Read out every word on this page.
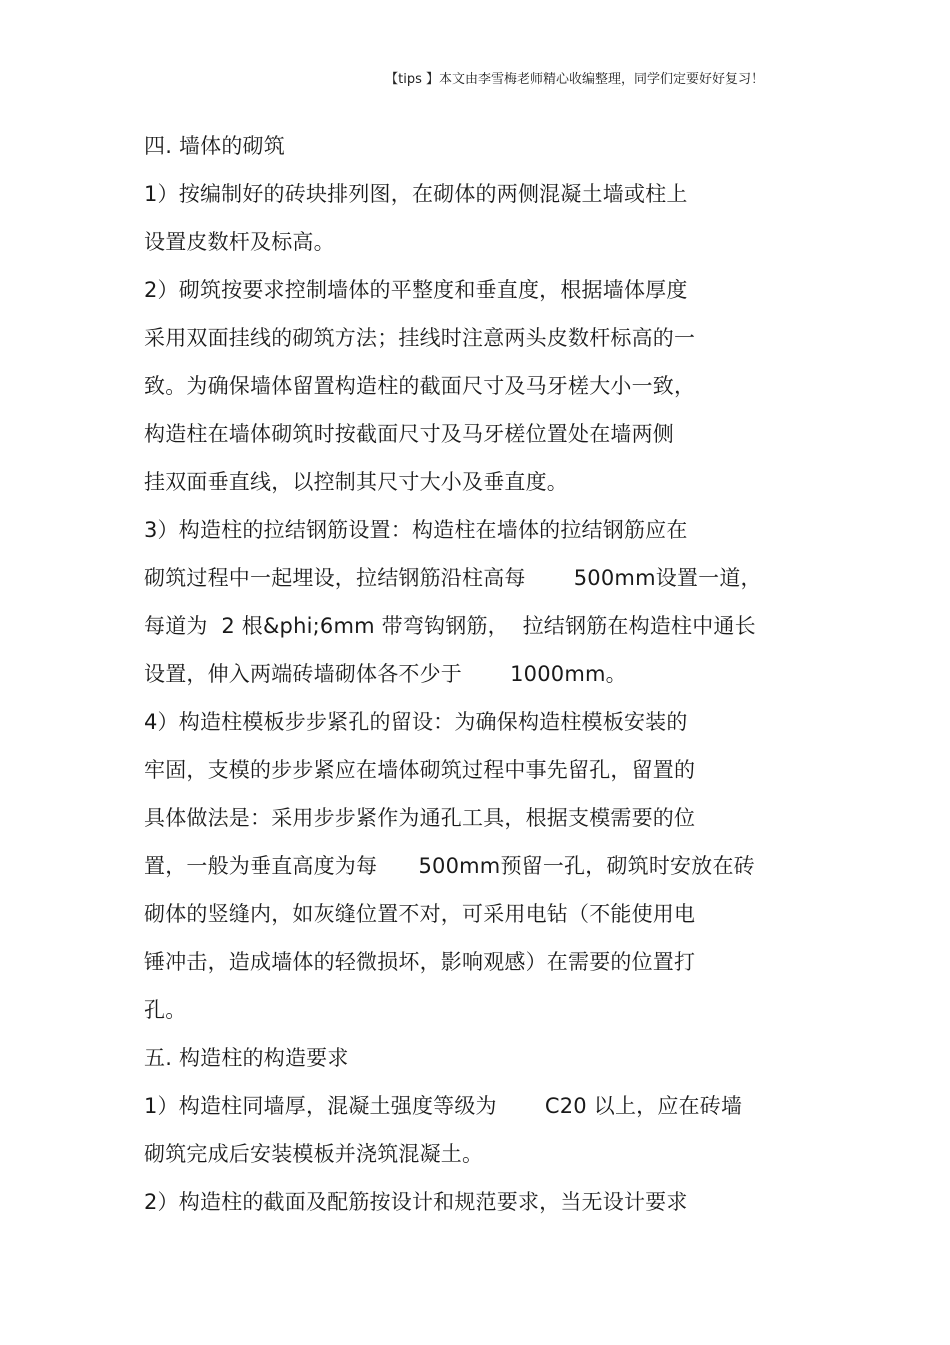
【tips 】本文由李雪梅老师精心收编整理，同学们定要好好复习！
四. 墙体的砌筑
1）按编制好的砖块排列图，在砌体的两侧混凝土墙或柱上
设置皮数杆及标高。
2）砌筑按要求控制墙体的平整度和垂直度，根据墙体厚度
采用双面挂线的砌筑方法；挂线时注意两头皮数杆标高的一
致。为确保墙体留置构造柱的截面尺寸及马牙槎大小一致，
构造柱在墙体砌筑时按截面尺寸及马牙槎位置处在墙两侧
挂双面垂直线，以控制其尺寸大小及垂直度。
3）构造柱的拉结钢筋设置：构造柱在墙体的拉结钢筋应在
砌筑过程中一起埋设，拉结钢筋沿柱高每       500mm设置一道，
每道为  2 根&phi;6mm 带弯钩钢筋，  拉结钢筋在构造柱中通长
设置，伸入两端砖墙砌体各不少于       1000mm。
4）构造柱模板步步紧孔的留设：为确保构造柱模板安装的
牢固，支模的步步紧应在墙体砌筑过程中事先留孔，留置的
具体做法是：采用步步紧作为通孔工具，根据支模需要的位
置，一般为垂直高度为每      500mm预留一孔，砌筑时安放在砖
砌体的竖缝内，如灰缝位置不对，可采用电钻（不能使用电
锤冲击，造成墙体的轻微损坏，影响观感）在需要的位置打
孔。
五. 构造柱的构造要求
1）构造柱同墙厚，混凝土强度等级为       C20 以上，应在砖墙
砌筑完成后安装模板并浇筑混凝土。
2）构造柱的截面及配筋按设计和规范要求，当无设计要求
